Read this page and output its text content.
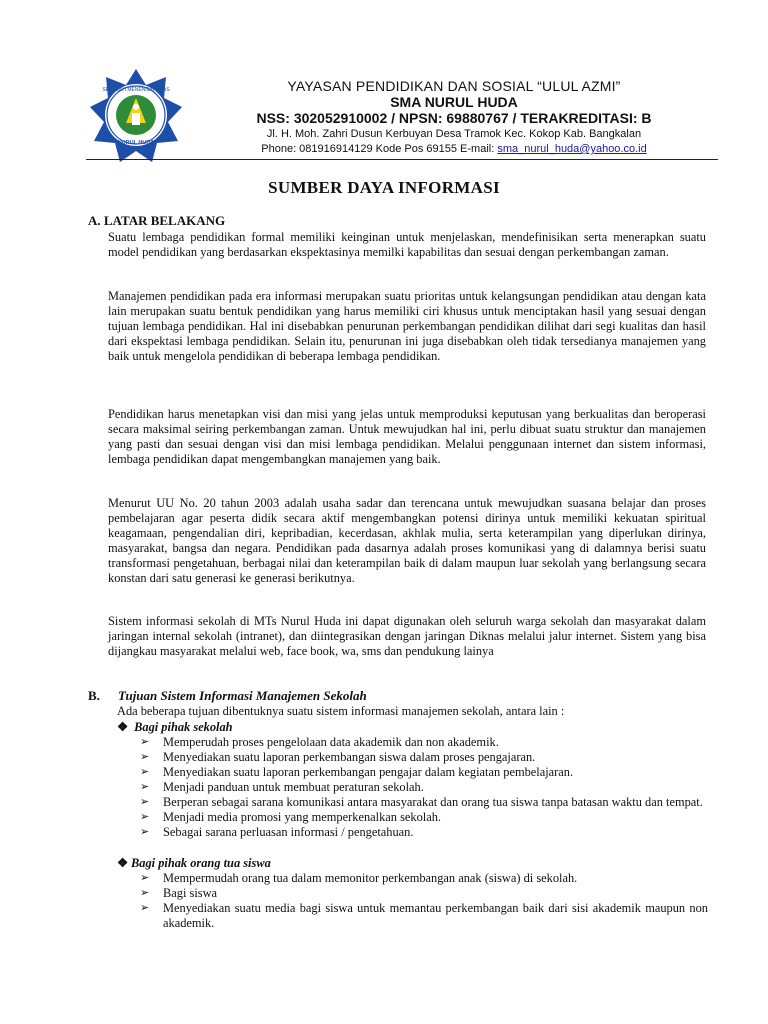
SEKOLAH MENENGAH ATAS
NURUL HUDA
YAYASAN PENDIDIKAN DAN SOSIAL “ULUL AZMI”
SMA NURUL HUDA
NSS: 302052910002 / NPSN: 69880767 / TERAKREDITASI: B
Jl. H. Moh. Zahri Dusun Kerbuyan Desa Tramok Kec. Kokop Kab. Bangkalan
Phone: 081916914129 Kode Pos 69155 E-mail: sma_nurul_huda@yahoo.co.id
SUMBER DAYA INFORMASI
A. LATAR BELAKANG
Suatu lembaga pendidikan formal memiliki keinginan untuk menjelaskan, mendefinisikan serta menerapkan suatu model pendidikan yang berdasarkan ekspektasinya memilki kapabilitas dan sesuai dengan perkembangan zaman.
Manajemen pendidikan pada era informasi merupakan suatu prioritas untuk kelangsungan pendidikan atau dengan kata lain merupakan suatu bentuk pendidikan yang harus memiliki ciri khusus untuk menciptakan hasil yang sesuai dengan tujuan lembaga pendidikan. Hal ini disebabkan penurunan perkembangan pendidikan dilihat dari segi kualitas dan hasil dari ekspektasi lembaga pendidikan. Selain itu, penurunan ini juga disebabkan oleh tidak tersedianya manajemen yang baik untuk mengelola pendidikan di beberapa lembaga pendidikan.
Pendidikan harus menetapkan visi dan misi yang jelas untuk memproduksi keputusan yang berkualitas dan beroperasi secara maksimal seiring perkembangan zaman. Untuk mewujudkan hal ini, perlu dibuat suatu struktur dan manajemen yang pasti dan sesuai dengan visi dan misi lembaga pendidikan. Melalui penggunaan internet dan sistem informasi, lembaga pendidikan dapat mengembangkan manajemen yang baik.
Menurut UU No. 20 tahun 2003 adalah usaha sadar dan terencana untuk mewujudkan suasana belajar dan proses pembelajaran agar peserta didik secara aktif mengembangkan potensi dirinya untuk memiliki kekuatan spiritual keagamaan, pengendalian diri, kepribadian, kecerdasan, akhlak mulia, serta keterampilan yang diperlukan dirinya, masyarakat, bangsa dan negara. Pendidikan pada dasarnya adalah proses komunikasi yang di dalamnya berisi suatu transformasi pengetahuan, berbagai nilai dan keterampilan baik di dalam maupun luar sekolah yang berlangsung secara konstan dari satu generasi ke generasi berikutnya.
Sistem informasi sekolah di MTs Nurul Huda ini dapat digunakan oleh seluruh warga sekolah dan masyarakat dalam jaringan internal sekolah (intranet), dan diintegrasikan dengan jaringan Diknas melalui jalur internet. Sistem yang bisa dijangkau masyarakat melalui web, face book, wa, sms dan pendukung lainya
B. Tujuan Sistem Informasi Manajemen Sekolah
Ada beberapa tujuan dibentuknya suatu sistem informasi manajemen sekolah, antara lain :
❖ Bagi pihak sekolah
➢ Memperudah proses pengelolaan data akademik dan non akademik.
➢ Menyediakan suatu laporan perkembangan siswa dalam proses pengajaran.
➢ Menyediakan suatu laporan perkembangan pengajar dalam kegiatan pembelajaran.
➢ Menjadi panduan untuk membuat peraturan sekolah.
➢ Berperan sebagai sarana komunikasi antara masyarakat dan orang tua siswa tanpa batasan waktu dan tempat.
➢ Menjadi media promosi yang memperkenalkan sekolah.
➢ Sebagai sarana perluasan informasi / pengetahuan.
❖ Bagi pihak orang tua siswa
➢ Mempermudah orang tua dalam memonitor perkembangan anak (siswa) di sekolah.
➢ Bagi siswa
➢ Menyediakan suatu media bagi siswa untuk memantau perkembangan baik dari sisi akademik maupun non akademik.
